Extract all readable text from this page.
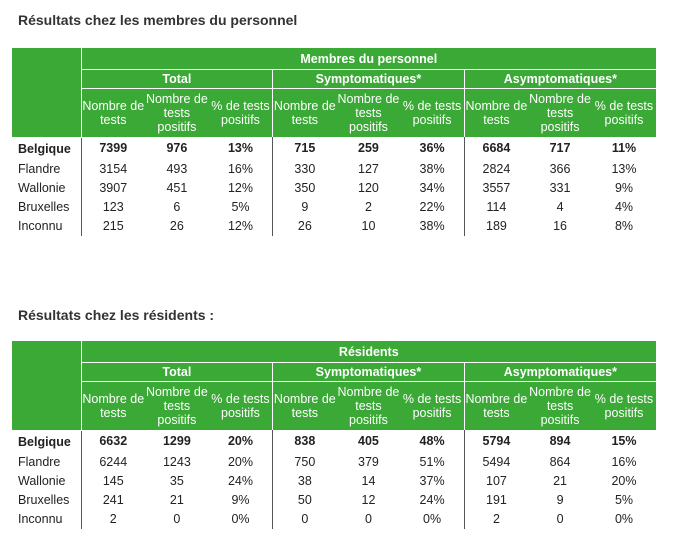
Résultats chez les membres du personnel
	Membres du personnel								
	Total			Symptomatiques*			Asymptomatiques*		
	Nombre de tests	Nombre de tests positifs	% de tests positifs	Nombre de tests	Nombre de tests positifs	% de tests positifs	Nombre de tests	Nombre de tests positifs	% de tests positifs
Belgique	7399	976	13%	715	259	36%	6684	717	11%
Flandre	3154	493	16%	330	127	38%	2824	366	13%
Wallonie	3907	451	12%	350	120	34%	3557	331	9%
Bruxelles	123	6	5%	9	2	22%	114	4	4%
Inconnu	215	26	12%	26	10	38%	189	16	8%
Résultats chez les résidents :
	Résidents								
	Total			Symptomatiques*			Asymptomatiques*		
	Nombre de tests	Nombre de tests positifs	% de tests positifs	Nombre de tests	Nombre de tests positifs	% de tests positifs	Nombre de tests	Nombre de tests positifs	% de tests positifs
Belgique	6632	1299	20%	838	405	48%	5794	894	15%
Flandre	6244	1243	20%	750	379	51%	5494	864	16%
Wallonie	145	35	24%	38	14	37%	107	21	20%
Bruxelles	241	21	9%	50	12	24%	191	9	5%
Inconnu	2	0	0%	0	0	0%	2	0	0%
